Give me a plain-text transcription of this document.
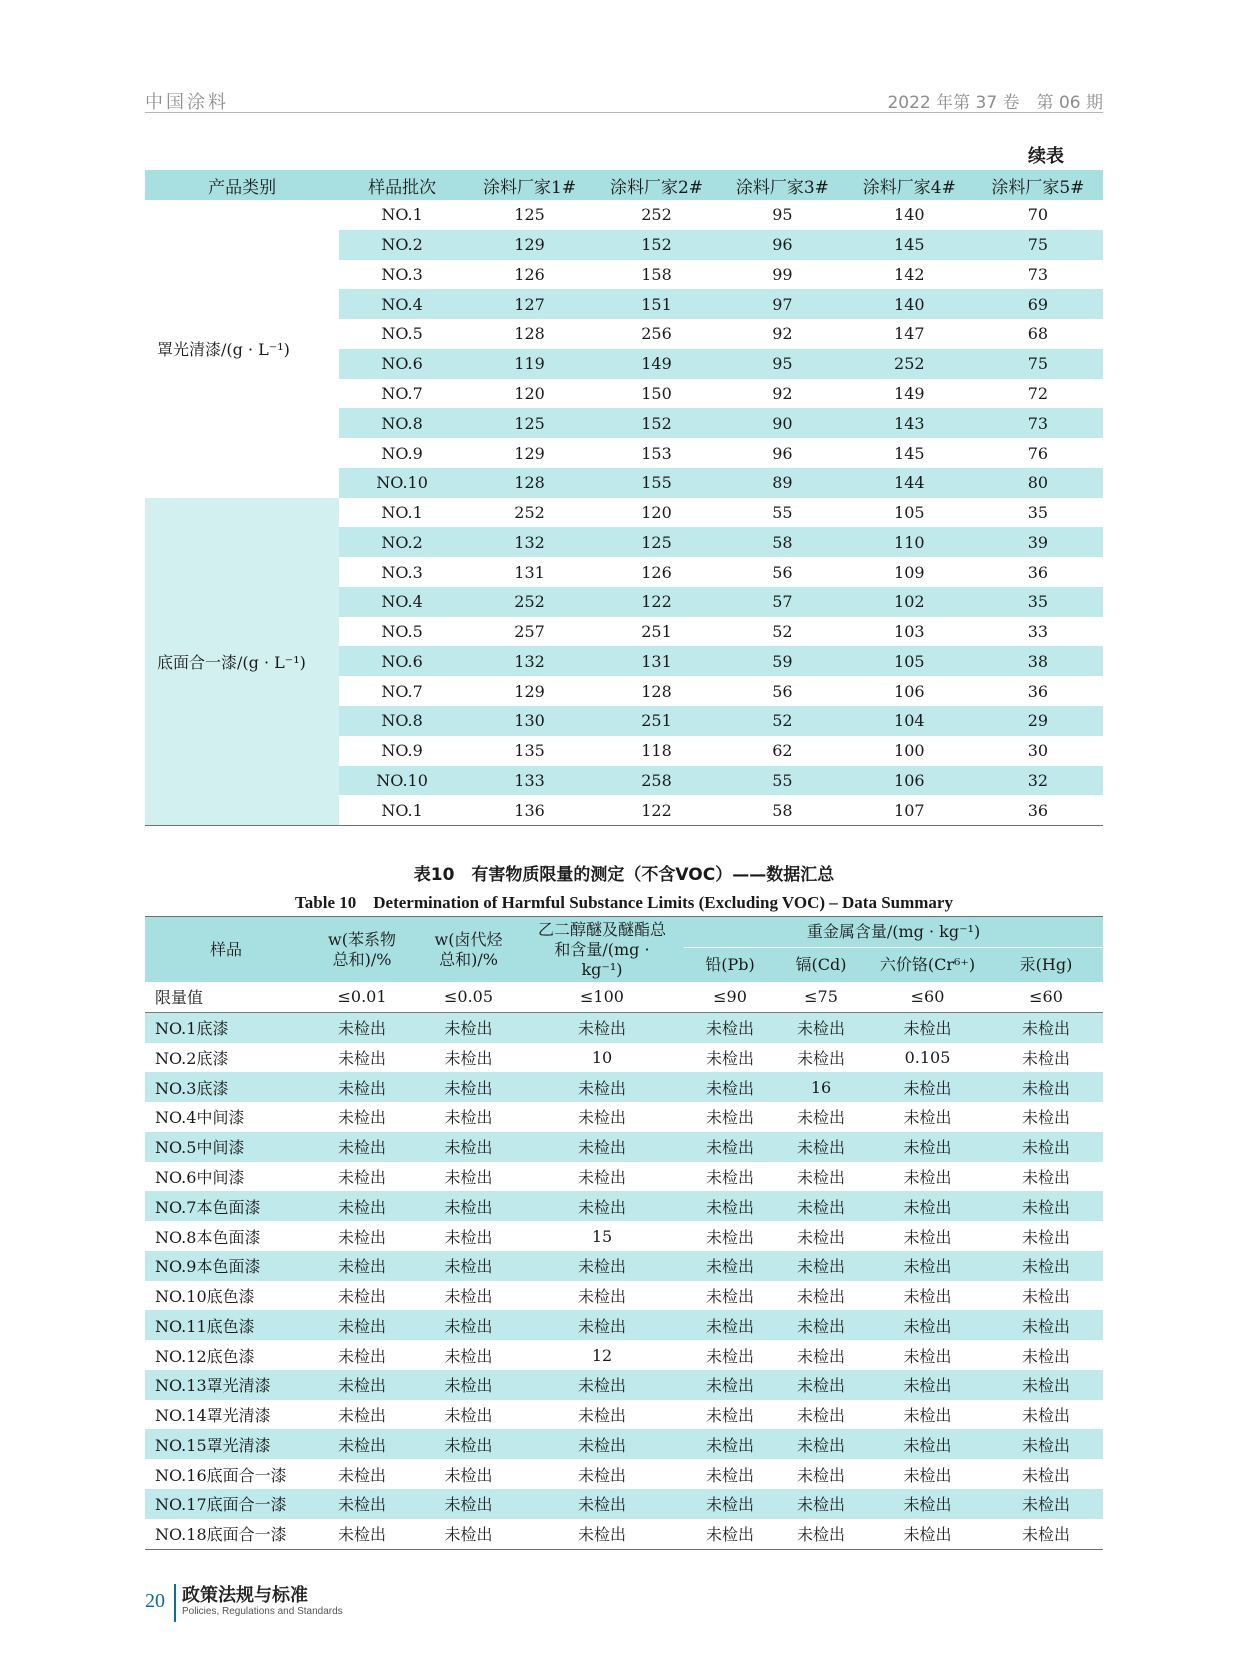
中国涂料	2022 年第 37 卷　第 06 期
续表
产品类别	样品批次	涂料厂家1#	涂料厂家2#	涂料厂家3#	涂料厂家4#	涂料厂家5#
罩光清漆/(g · L⁻¹)	NO.1	125	252	95	140	70
	NO.2	129	152	96	145	75
	NO.3	126	158	99	142	73
	NO.4	127	151	97	140	69
	NO.5	128	256	92	147	68
	NO.6	119	149	95	252	75
	NO.7	120	150	92	149	72
	NO.8	125	152	90	143	73
	NO.9	129	153	96	145	76
	NO.10	128	155	89	144	80
底面合一漆/(g · L⁻¹)	NO.1	252	120	55	105	35
	NO.2	132	125	58	110	39
	NO.3	131	126	56	109	36
	NO.4	252	122	57	102	35
	NO.5	257	251	52	103	33
	NO.6	132	131	59	105	38
	NO.7	129	128	56	106	36
	NO.8	130	251	52	104	29
	NO.9	135	118	62	100	30
	NO.10	133	258	55	106	32
	NO.1	136	122	58	107	36
表10　有害物质限量的测定（不含VOC）——数据汇总
Table 10　Determination of Harmful Substance Limits (Excluding VOC) – Data Summary
样品	w(苯系物总和)/%	w(卤代烃总和)/%	乙二醇醚及醚酯总和含量/(mg · kg⁻¹)	重金属含量/(mg · kg⁻¹)			
				铅(Pb)	镉(Cd)	六价铬(Cr⁶⁺)	汞(Hg)
限量值	≤0.01	≤0.05	≤100	≤90	≤75	≤60	≤60
NO.1底漆	未检出	未检出	未检出	未检出	未检出	未检出	未检出
NO.2底漆	未检出	未检出	10	未检出	未检出	0.105	未检出
NO.3底漆	未检出	未检出	未检出	未检出	16	未检出	未检出
NO.4中间漆	未检出	未检出	未检出	未检出	未检出	未检出	未检出
NO.5中间漆	未检出	未检出	未检出	未检出	未检出	未检出	未检出
NO.6中间漆	未检出	未检出	未检出	未检出	未检出	未检出	未检出
NO.7本色面漆	未检出	未检出	未检出	未检出	未检出	未检出	未检出
NO.8本色面漆	未检出	未检出	15	未检出	未检出	未检出	未检出
NO.9本色面漆	未检出	未检出	未检出	未检出	未检出	未检出	未检出
NO.10底色漆	未检出	未检出	未检出	未检出	未检出	未检出	未检出
NO.11底色漆	未检出	未检出	未检出	未检出	未检出	未检出	未检出
NO.12底色漆	未检出	未检出	12	未检出	未检出	未检出	未检出
NO.13罩光清漆	未检出	未检出	未检出	未检出	未检出	未检出	未检出
NO.14罩光清漆	未检出	未检出	未检出	未检出	未检出	未检出	未检出
NO.15罩光清漆	未检出	未检出	未检出	未检出	未检出	未检出	未检出
NO.16底面合一漆	未检出	未检出	未检出	未检出	未检出	未检出	未检出
NO.17底面合一漆	未检出	未检出	未检出	未检出	未检出	未检出	未检出
NO.18底面合一漆	未检出	未检出	未检出	未检出	未检出	未检出	未检出
20 政策法规与标准
Policies, Regulations and Standards
